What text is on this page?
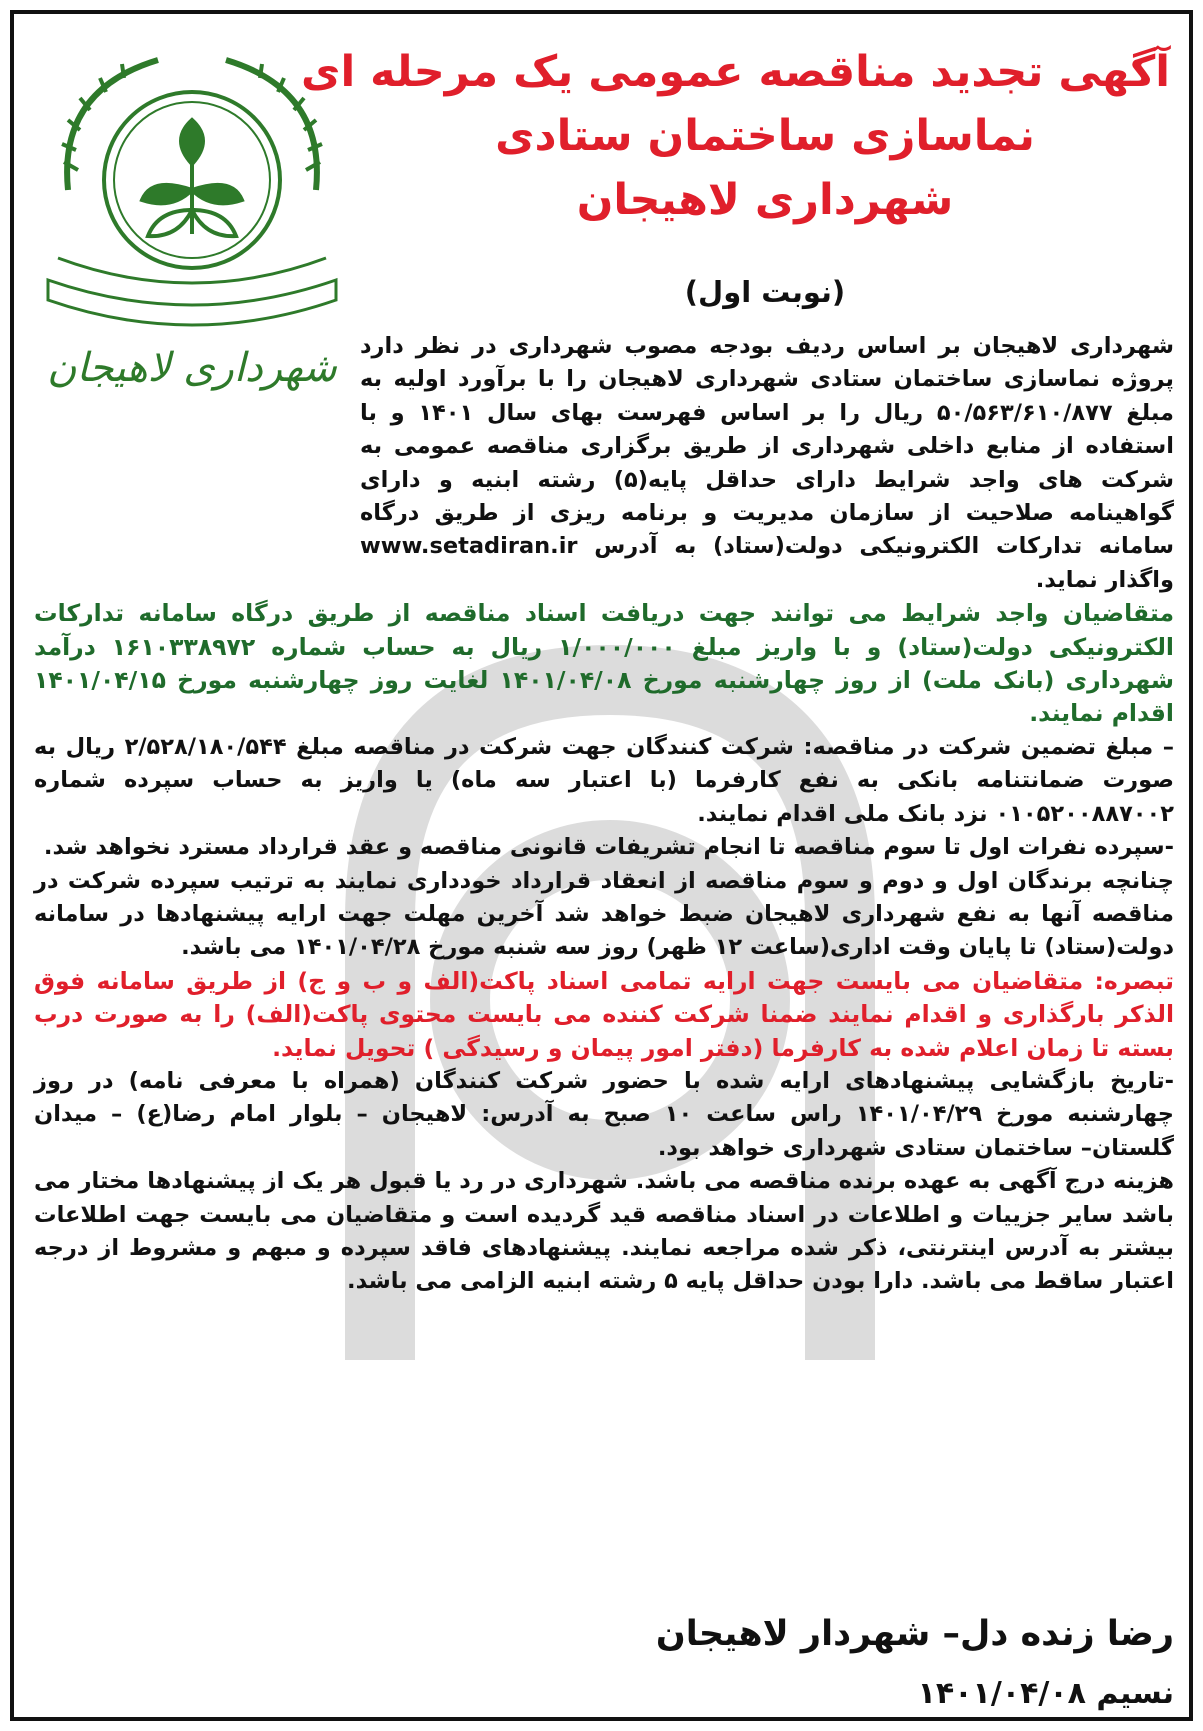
شهرداری لاهیجان
آگهی تجدید مناقصه عمومی یک مرحله ای
نماسازی ساختمان ستادی
شهرداری لاهیجان
(نوبت اول)

شهرداری لاهیجان بر اساس ردیف بودجه مصوب شهرداری در نظر دارد پروژه نماسازی ساختمان ستادی شهرداری لاهیجان را با برآورد اولیه به مبلغ ۵۰/۵۶۳/۶۱۰/۸۷۷ ریال را بر اساس فهرست بهای سال ۱۴۰۱ و با استفاده از منابع داخلی شهرداری از طریق برگزاری مناقصه عمومی به شرکت های واجد شرایط دارای حداقل پایه(۵) رشته ابنیه و دارای گواهینامه صلاحیت از سازمان مدیریت و برنامه ریزی از طریق درگاه سامانه تدارکات الکترونیکی دولت(ستاد) به آدرس www.setadiran.ir واگذار نماید.

متقاضیان واجد شرایط می توانند جهت دریافت اسناد مناقصه از طریق درگاه سامانه تدارکات الکترونیکی دولت(ستاد) و با واریز مبلغ ۱/۰۰۰/۰۰۰ ریال به حساب شماره ۱۶۱۰۳۳۸۹۷۲ درآمد شهرداری (بانک ملت) از روز چهارشنبه مورخ ۱۴۰۱/۰۴/۰۸ لغایت روز چهارشنبه مورخ ۱۴۰۱/۰۴/۱۵ اقدام نمایند.

– مبلغ تضمین شرکت در مناقصه: شرکت کنندگان جهت شرکت در مناقصه مبلغ ۲/۵۲۸/۱۸۰/۵۴۴ ریال به صورت ضمانتنامه بانکی به نفع کارفرما (با اعتبار سه ماه) یا واریز به حساب سپرده شماره ۰۱۰۵۲۰۰۸۸۷۰۰۲ نزد بانک ملی اقدام نمایند.

-سپرده نفرات اول تا سوم مناقصه تا انجام تشریفات قانونی مناقصه و عقد قرارداد مسترد نخواهد شد.

چنانچه برندگان اول و دوم و سوم مناقصه از انعقاد قرارداد خودداری نمایند به ترتیب سپرده شرکت در مناقصه آنها به نفع شهرداری لاهیجان ضبط خواهد شد آخرین مهلت جهت ارایه پیشنهادها در سامانه دولت(ستاد) تا پایان وقت اداری(ساعت ۱۲ ظهر) روز سه شنبه مورخ ۱۴۰۱/۰۴/۲۸ می باشد.

تبصره: متقاضیان می بایست جهت ارایه تمامی اسناد پاکت(الف و ب و ج) از طریق سامانه فوق الذکر بارگذاری و اقدام نمایند ضمنا شرکت کننده می بایست محتوی پاکت(الف) را به صورت درب بسته تا زمان اعلام شده به کارفرما (دفتر امور پیمان و رسیدگی ) تحویل نماید.

-تاریخ بازگشایی پیشنهادهای ارایه شده با حضور شرکت کنندگان (همراه با معرفی نامه) در روز چهارشنبه مورخ ۱۴۰۱/۰۴/۲۹ راس ساعت ۱۰ صبح به آدرس: لاهیجان – بلوار امام رضا(ع) – میدان گلستان– ساختمان ستادی شهرداری خواهد بود.

هزینه درج آگهی به عهده برنده مناقصه می باشد. شهرداری در رد یا قبول هر یک از پیشنهادها مختار می باشد سایر جزییات و اطلاعات در اسناد مناقصه قید گردیده است و متقاضیان می بایست جهت اطلاعات بیشتر به آدرس اینترنتی، ذکر شده مراجعه نمایند. پیشنهادهای فاقد سپرده و مبهم و مشروط از درجه اعتبار ساقط می باشد. دارا بودن حداقل پایه ۵ رشته ابنیه الزامی می باشد.

رضا زنده دل– شهردار لاهیجان
نسیم ۱۴۰۱/۰۴/۰۸
